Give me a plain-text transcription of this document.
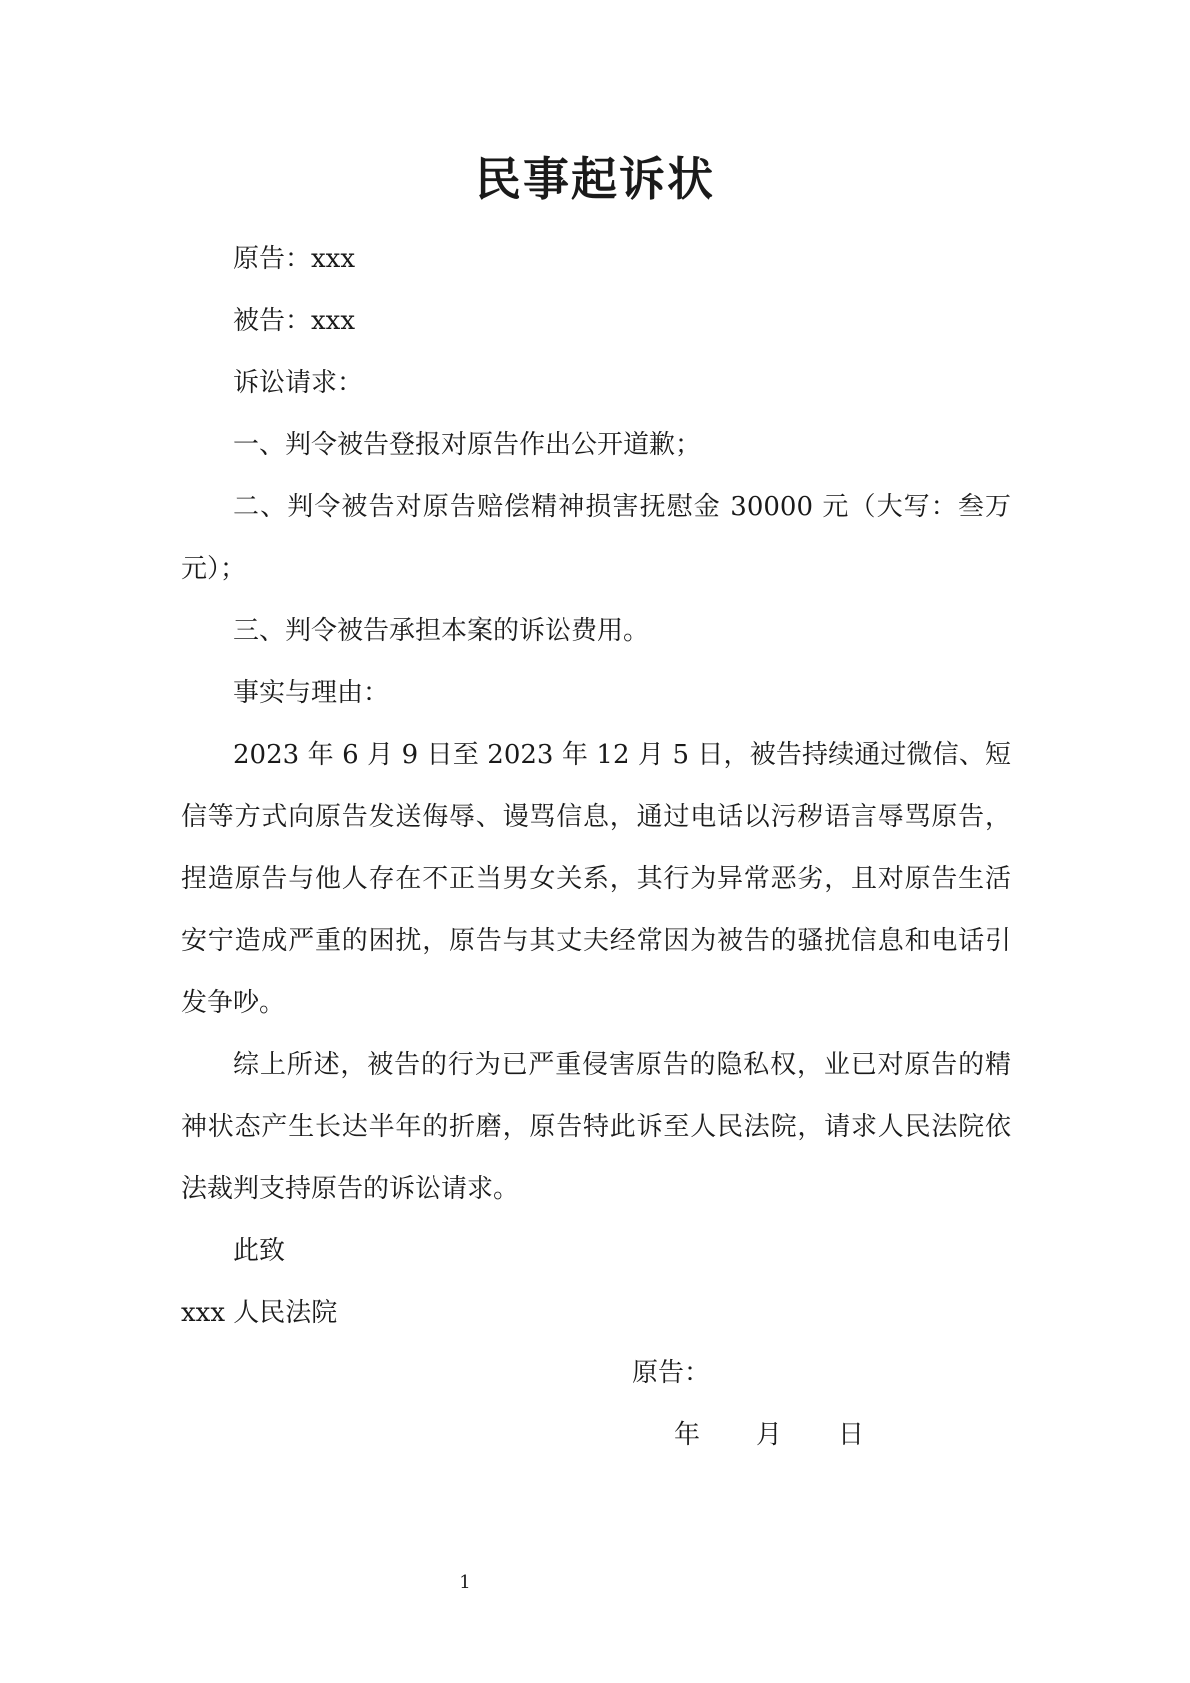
民事起诉状

原告：xxx

被告：xxx

诉讼请求：

一、判令被告登报对原告作出公开道歉；

二、判令被告对原告赔偿精神损害抚慰金 30000 元（大写：叁万元）；

三、判令被告承担本案的诉讼费用。

事实与理由：

2023 年 6 月 9 日至 2023 年 12 月 5 日，被告持续通过微信、短信等方式向原告发送侮辱、谩骂信息，通过电话以污秽语言辱骂原告，捏造原告与他人存在不正当男女关系，其行为异常恶劣，且对原告生活安宁造成严重的困扰，原告与其丈夫经常因为被告的骚扰信息和电话引发争吵。

综上所述，被告的行为已严重侵害原告的隐私权，业已对原告的精神状态产生长达半年的折磨，原告特此诉至人民法院，请求人民法院依法裁判支持原告的诉讼请求。

此致

xxx 人民法院

原告：
年 月 日
1
